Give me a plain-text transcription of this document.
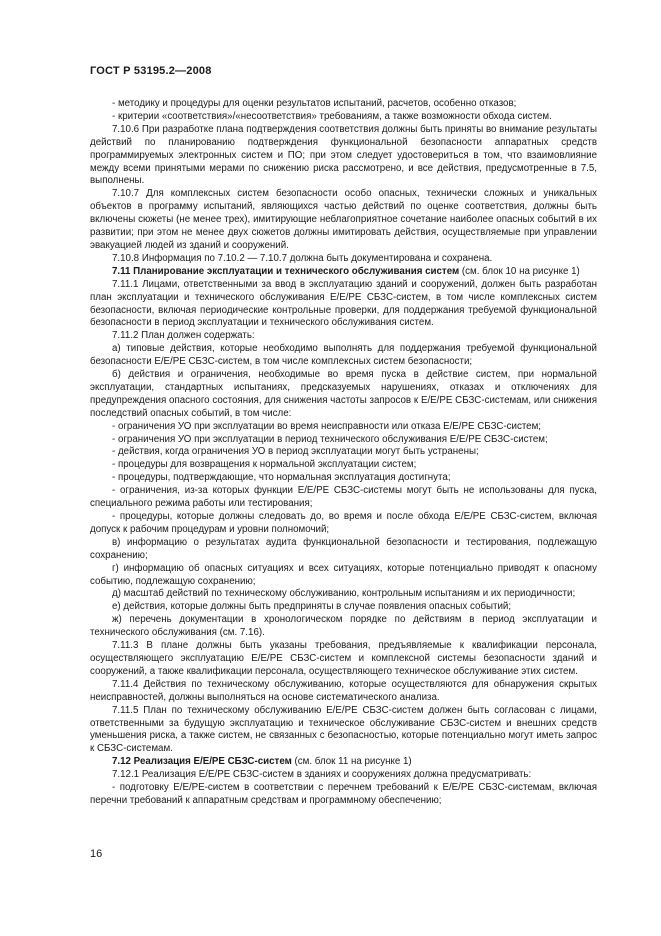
ГОСТ Р 53195.2—2008

- методику и процедуры для оценки результатов испытаний, расчетов, особенно отказов;

- критерии «соответствия»/«несоответствия» требованиям, а также возможности обхода систем.

7.10.6 При разработке плана подтверждения соответствия должны быть приняты во внимание результаты действий по планированию подтверждения функциональной безопасности аппаратных средств программируемых электронных систем и ПО; при этом следует удостовериться в том, что взаимовлияние между всеми принятыми мерами по снижению риска рассмотрено, и все действия, предусмотренные в 7.5, выполнены.

7.10.7 Для комплексных систем безопасности особо опасных, технически сложных и уникальных объектов в программу испытаний, являющихся частью действий по оценке соответствия, должны быть включены сюжеты (не менее трех), имитирующие неблагоприятное сочетание наиболее опасных событий в их развитии; при этом не менее двух сюжетов должны имитировать действия, осуществляемые при управлении эвакуацией людей из зданий и сооружений.

7.10.8 Информация по 7.10.2 — 7.10.7 должна быть документирована и сохранена.

7.11 Планирование эксплуатации и технического обслуживания систем (см. блок 10 на рисунке 1)

7.11.1 Лицами, ответственными за ввод в эксплуатацию зданий и сооружений, должен быть разработан план эксплуатации и технического обслуживания Е/Е/РЕ СБЗС-систем, в том числе комплексных систем безопасности, включая периодические контрольные проверки, для поддержания требуемой функциональной безопасности в период эксплуатации и технического обслуживания систем.

7.11.2 План должен содержать:

а) типовые действия, которые необходимо выполнять для поддержания требуемой функциональной безопасности Е/Е/РЕ СБЗС-систем, в том числе комплексных систем безопасности;

б) действия и ограничения, необходимые во время пуска в действие систем, при нормальной эксплуатации, стандартных испытаниях, предсказуемых нарушениях, отказах и отключениях для предупреждения опасного состояния, для снижения частоты запросов к Е/Е/РЕ СБЗС-системам, или снижения последствий опасных событий, в том числе:

- ограничения УО при эксплуатации во время неисправности или отказа Е/Е/РЕ СБЗС-систем;

- ограничения УО при эксплуатации в период технического обслуживания Е/Е/РЕ СБЗС-систем;

- действия, когда ограничения УО в период эксплуатации могут быть устранены;

- процедуры для возвращения к нормальной эксплуатации систем;

- процедуры, подтверждающие, что нормальная эксплуатация достигнута;

- ограничения, из-за которых функции Е/Е/РЕ СБЗС-системы могут быть не использованы для пуска, специального режима работы или тестирования;

- процедуры, которые должны следовать до, во время и после обхода Е/Е/РЕ СБЗС-систем, включая допуск к рабочим процедурам и уровни полномочий;

в) информацию о результатах аудита функциональной безопасности и тестирования, подлежащую сохранению;

г) информацию об опасных ситуациях и всех ситуациях, которые потенциально приводят к опасному событию, подлежащую сохранению;

д) масштаб действий по техническому обслуживанию, контрольным испытаниям и их периодичности;

е) действия, которые должны быть предприняты в случае появления опасных событий;

ж) перечень документации в хронологическом порядке по действиям в период эксплуатации и технического обслуживания (см. 7.16).

7.11.3 В плане должны быть указаны требования, предъявляемые к квалификации персонала, осуществляющего эксплуатацию Е/Е/РЕ СБЗС-систем и комплексной системы безопасности зданий и сооружений, а также квалификации персонала, осуществляющего техническое обслуживание этих систем.

7.11.4 Действия по техническому обслуживанию, которые осуществляются для обнаружения скрытых неисправностей, должны выполняться на основе систематического анализа.

7.11.5 План по техническому обслуживанию Е/Е/РЕ СБЗС-систем должен быть согласован с лицами, ответственными за будущую эксплуатацию и техническое обслуживание СБЗС-систем и внешних средств уменьшения риска, а также систем, не связанных с безопасностью, которые потенциально могут иметь запрос к СБЗС-системам.

7.12 Реализация Е/Е/РЕ СБЗС-систем (см. блок 11 на рисунке 1)

7.12.1 Реализация Е/Е/РЕ СБЗС-систем в зданиях и сооружениях должна предусматривать:

- подготовку Е/Е/РЕ-систем в соответствии с перечнем требований к Е/Е/РЕ СБЗС-системам, включая перечни требований к аппаратным средствам и программному обеспечению;

16
